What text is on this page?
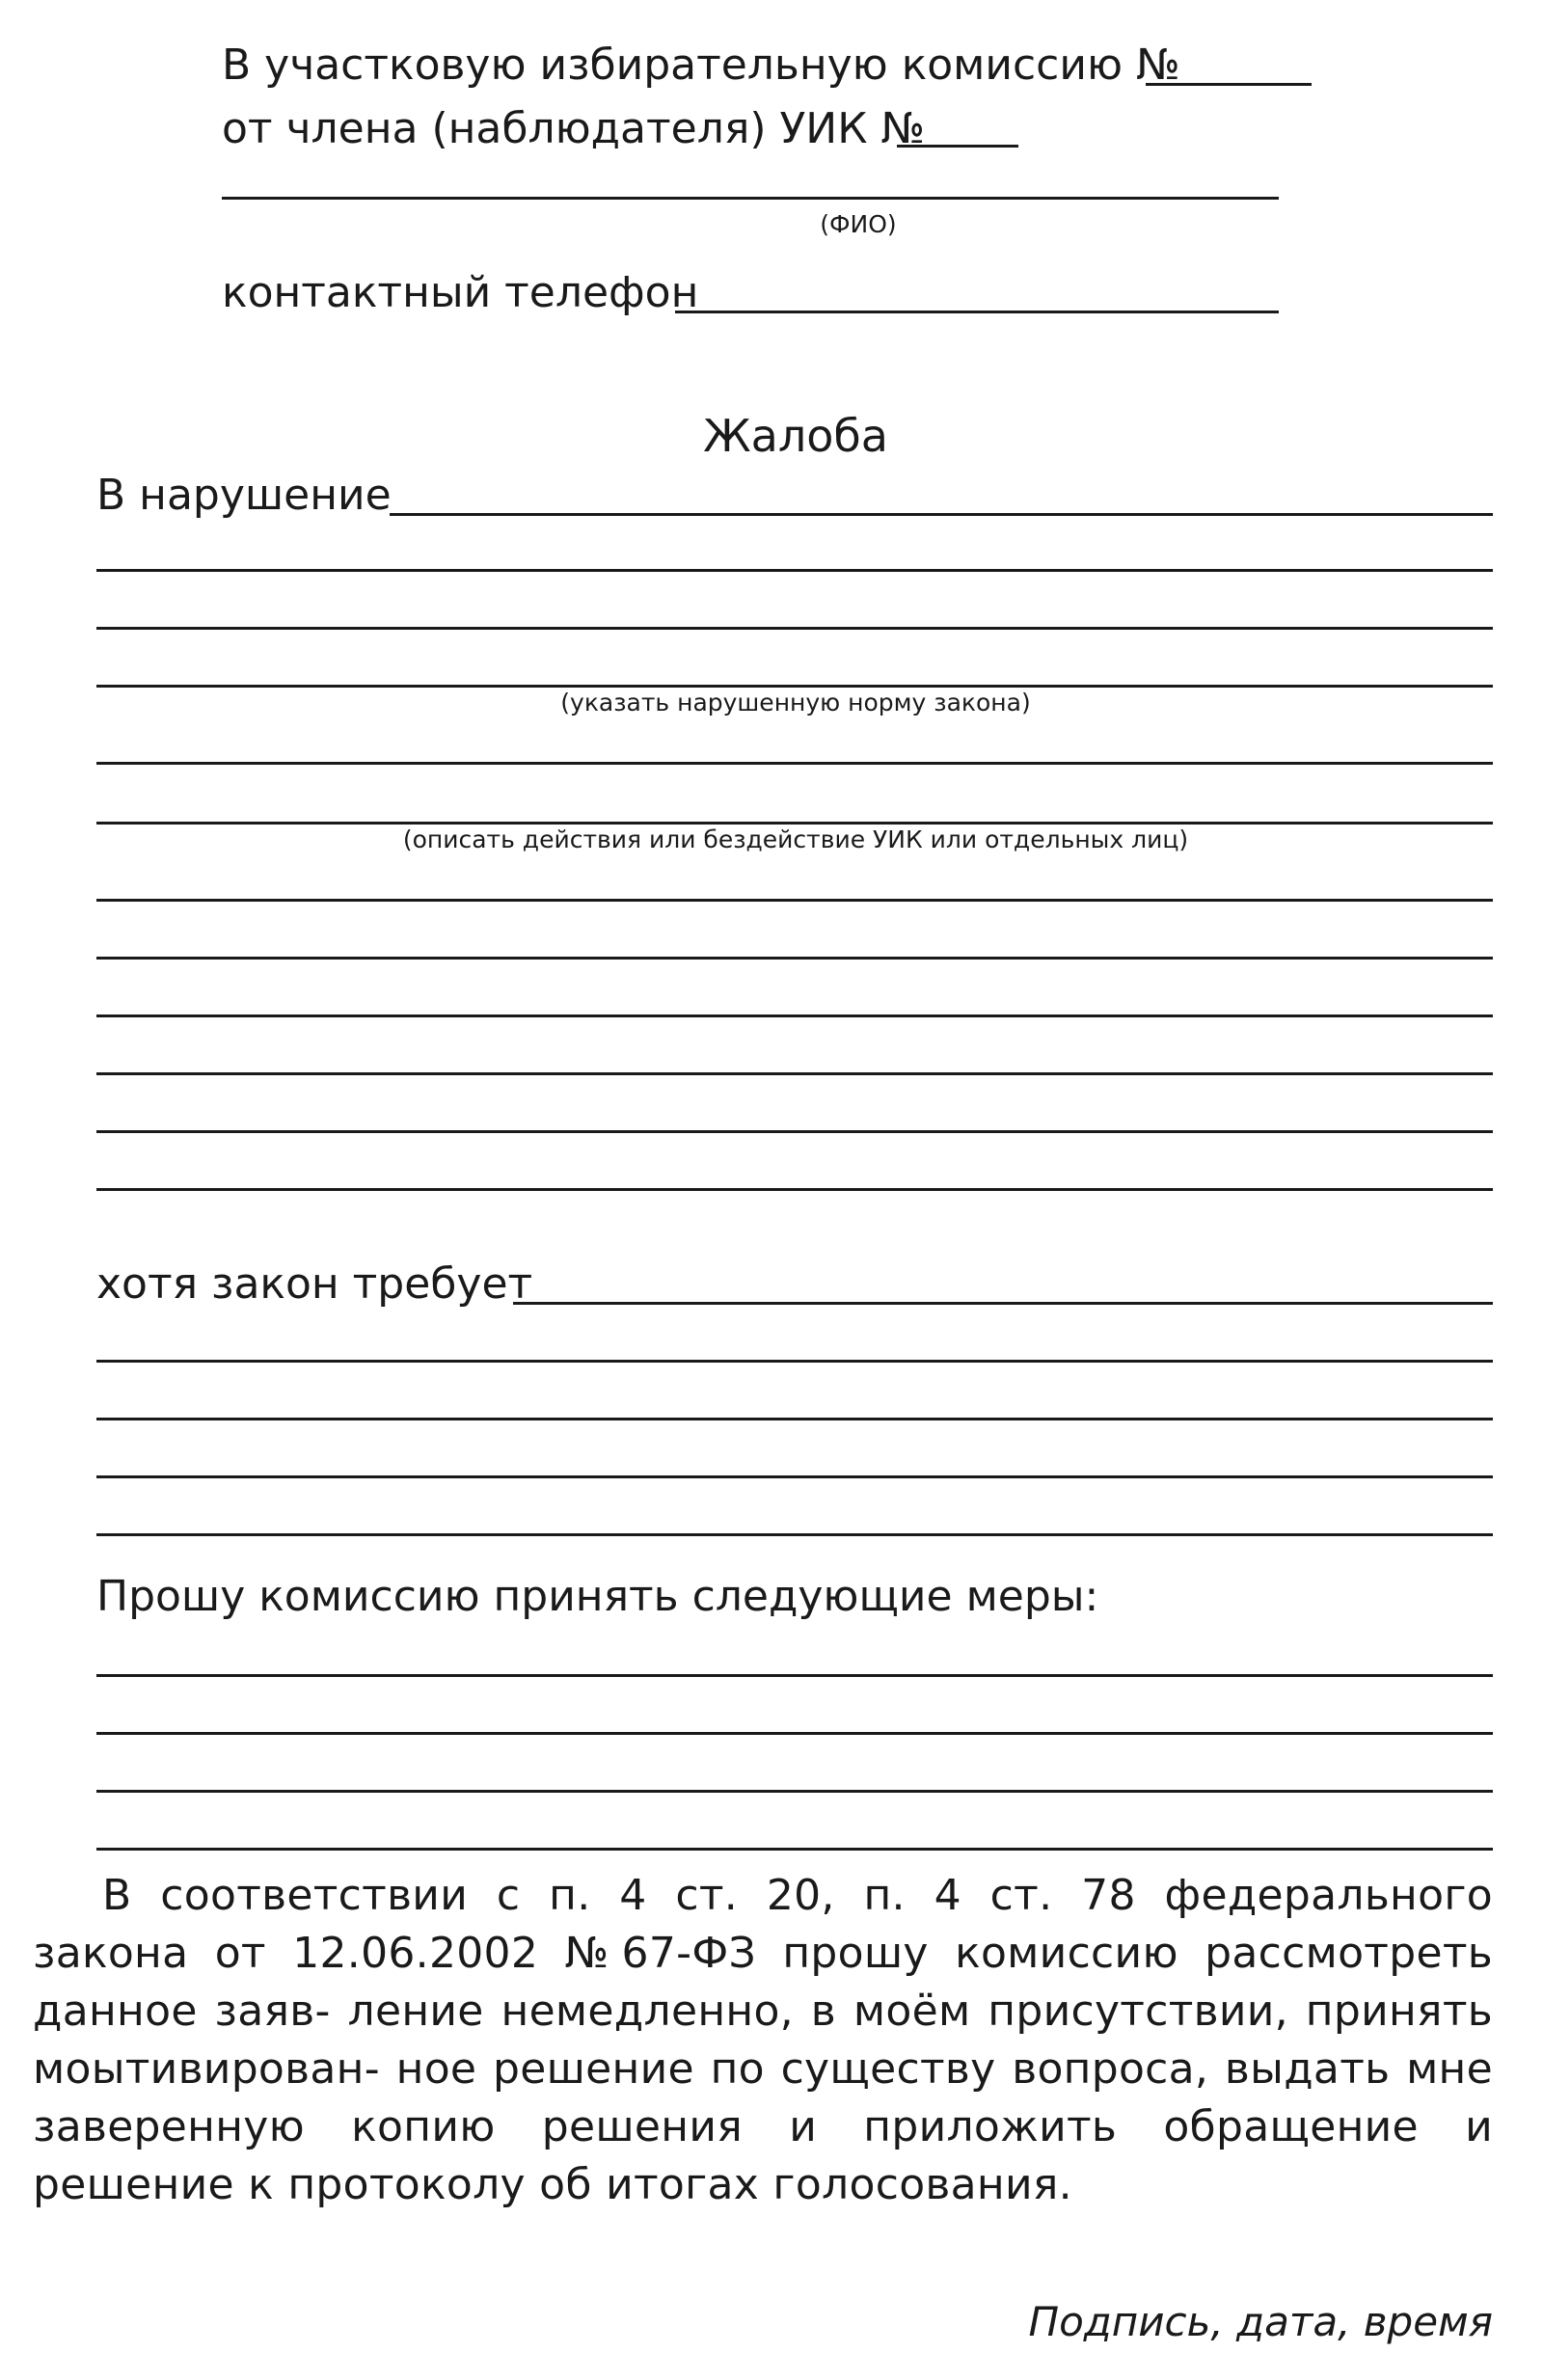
В участковую избирательную комиссию №
от члена (наблюдателя) УИК №
(ФИО)
контактный телефон
Жалоба
В нарушение
(указать нарушенную норму закона)
(описать действия или бездействие УИК или отдельных лиц)
хотя закон требует
Прошу комиссию принять следующие меры:
В соответствии с п. 4 ст. 20, п. 4 ст. 78 федерального закона от 12.06.2002 №67-ФЗ прошу комиссию рассмотреть данное заяв- ление немедленно, в моём присутствии, принять моытивирован- ное решение по существу вопроса, выдать мне заверенную копию решения и приложить обращение и решение к протоколу об итогах голосования.
Подпись, дата, время
